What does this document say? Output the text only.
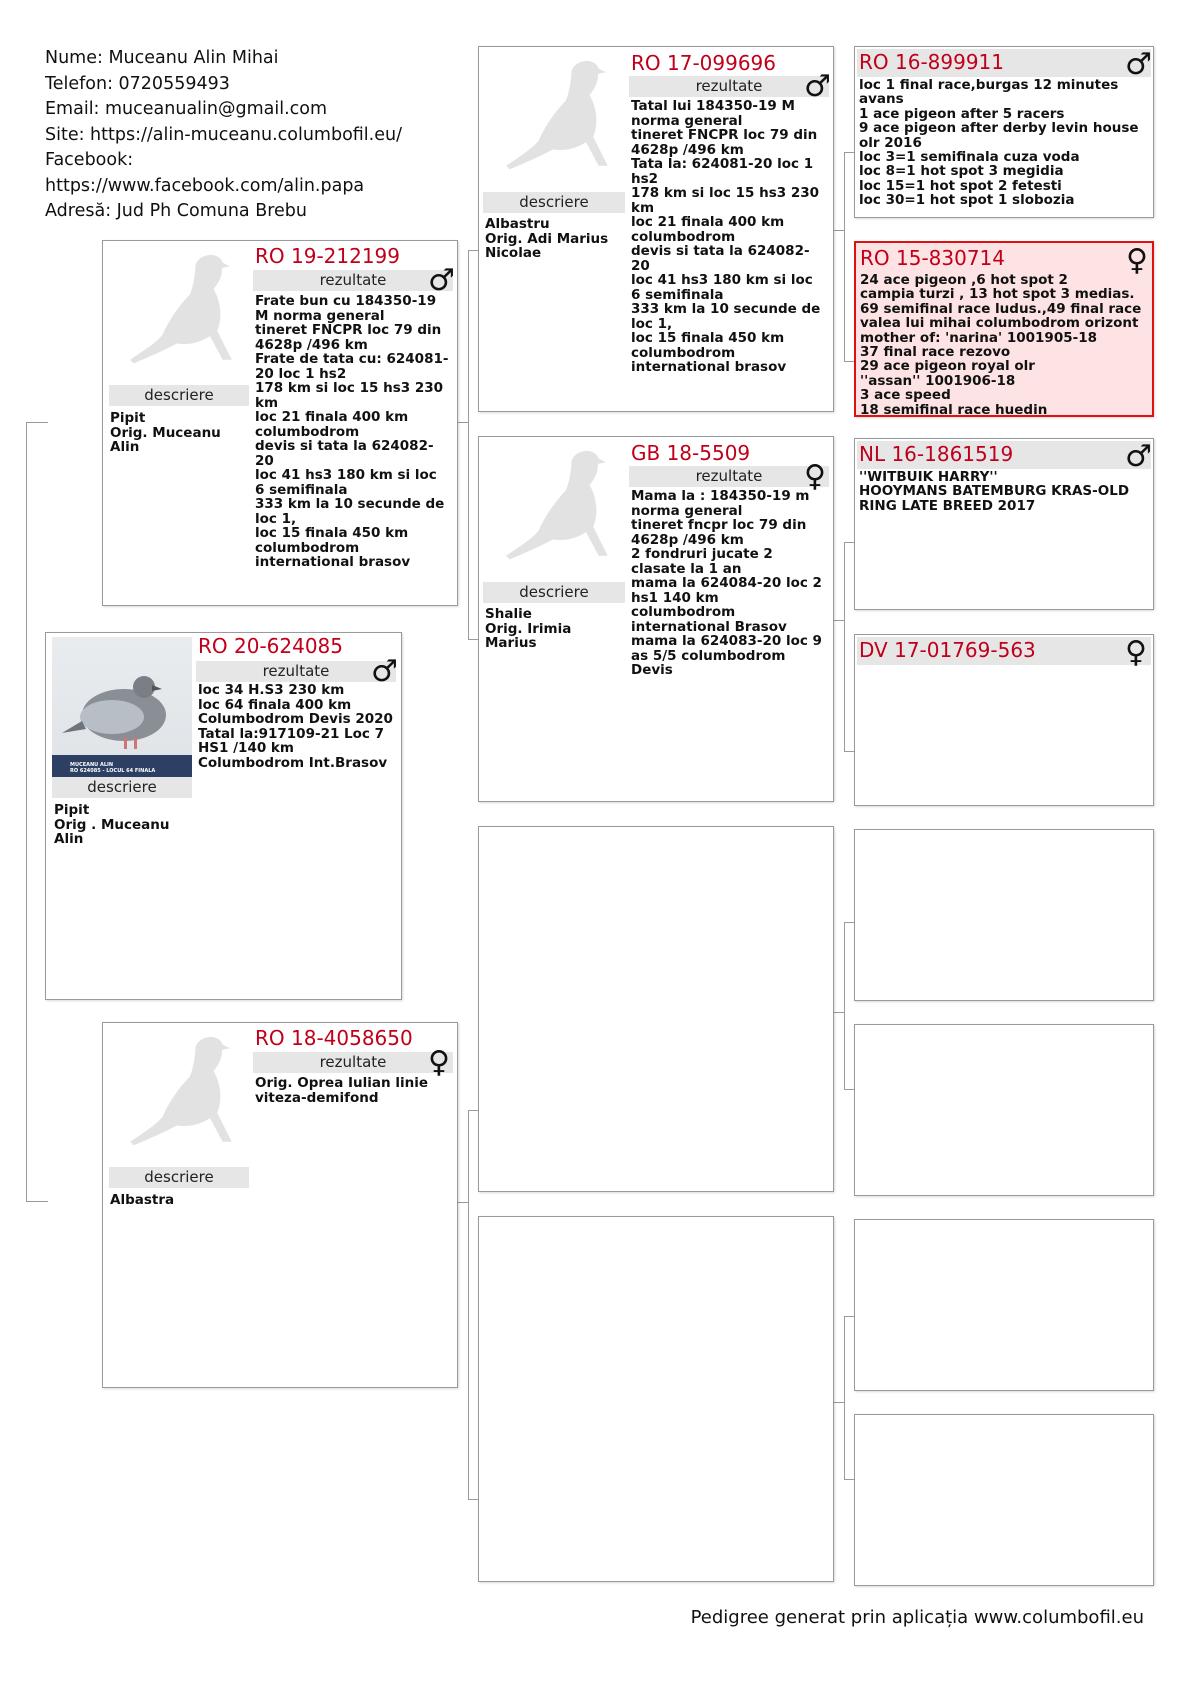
Nume: Muceanu Alin Mihai
Telefon: 0720559493
Email: muceanualin@gmail.com
Site: https://alin-muceanu.columbofil.eu/
Facebook:
https://www.facebook.com/alin.papa
Adresă: Jud Ph Comuna Brebu
MUCEANU ALIN
RO 624085 - LOCUL 64 FINALA
descriere
Pipit
Orig . Muceanu
Alin
RO 20-624085
rezultate	♂
loc 34 H.S3 230 km
loc 64 finala 400 km
Columbodrom Devis 2020
Tatal la:917109-21 Loc 7
HS1 /140 km
Columbodrom Int.Brasov
descriere
Pipit
Orig. Muceanu
Alin
RO 19-212199
rezultate	♂
Frate bun cu 184350-19
M norma general
tineret FNCPR loc 79 din
4628p /496 km
Frate de tata cu: 624081-
20 loc 1 hs2
178 km si loc 15 hs3 230
km
loc 21 finala 400 km
columbodrom
devis si tata la 624082-
20
loc 41 hs3 180 km si loc
6 semifinala
333 km la 10 secunde de
loc 1,
loc 15 finala 450 km
columbodrom
international brasov
descriere
Albastra
RO 18-4058650
rezultate	♀
Orig. Oprea Iulian linie
viteza-demifond
descriere
Albastru
Orig. Adi Marius
Nicolae
RO 17-099696
rezultate	♂
Tatal lui 184350-19 M
norma general
tineret FNCPR loc 79 din
4628p /496 km
Tata la: 624081-20 loc 1
hs2
178 km si loc 15 hs3 230
km
loc 21 finala 400 km
columbodrom
devis si tata la 624082-
20
loc 41 hs3 180 km si loc
6 semifinala
333 km la 10 secunde de
loc 1,
loc 15 finala 450 km
columbodrom
international brasov
descriere
Shalie
Orig. Irimia
Marius
GB 18-5509
rezultate	♀
Mama la : 184350-19 m
norma general
tineret fncpr loc 79 din
4628p /496 km
2 fondruri jucate 2
clasate la 1 an
mama la 624084-20 loc 2
hs1 140 km
columbodrom
international Brasov
mama la 624083-20 loc 9
as 5/5 columbodrom
Devis
RO 16-899911	♂
loc 1 final race,burgas 12 minutes
avans
1 ace pigeon after 5 racers
9 ace pigeon after derby levin house
olr 2016
loc 3=1 semifinala cuza voda
loc 8=1 hot spot 3 megidia
loc 15=1 hot spot 2 fetesti
loc 30=1 hot spot 1 slobozia
RO 15-830714	♀
24 ace pigeon ,6 hot spot 2
campia turzi , 13 hot spot 3 medias.
69 semifinal race ludus.,49 final race
valea lui mihai columbodrom orizont
mother of: 'narina' 1001905-18
37 final race rezovo
29 ace pigeon royal olr
''assan'' 1001906-18
3 ace speed
18 semifinal race huedin
NL 16-1861519	♂
''WITBUIK HARRY''
HOOYMANS BATEMBURG KRAS-OLD
RING LATE BREED 2017
DV 17-01769-563	♀
Pedigree generat prin aplicația www.columbofil.eu
